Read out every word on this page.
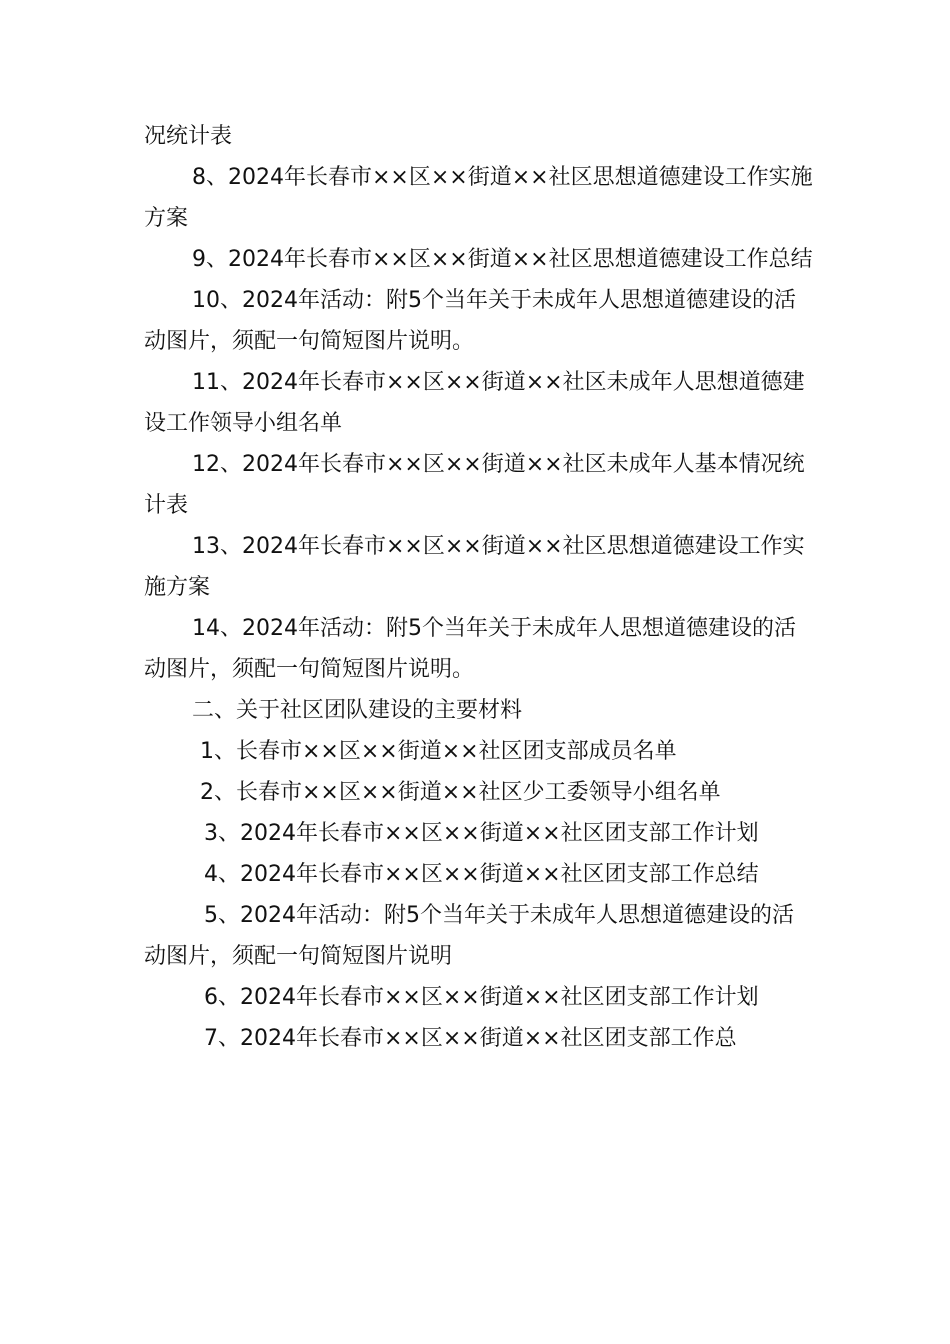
况统计表

8、2024年长春市××区××街道××社区思想道德建设工作实施方案

9、2024年长春市××区××街道××社区思想道德建设工作总结

10、2024年活动：附5个当年关于未成年人思想道德建设的活动图片，须配一句简短图片说明。

11、2024年长春市××区××街道××社区未成年人思想道德建设工作领导小组名单

12、2024年长春市××区××街道××社区未成年人基本情况统计表

13、2024年长春市××区××街道××社区思想道德建设工作实施方案

14、2024年活动：附5个当年关于未成年人思想道德建设的活动图片，须配一句简短图片说明。

二、关于社区团队建设的主要材料

1、长春市××区××街道××社区团支部成员名单

2、长春市××区××街道××社区少工委领导小组名单

3、2024年长春市××区××街道××社区团支部工作计划

4、2024年长春市××区××街道××社区团支部工作总结

5、2024年活动：附5个当年关于未成年人思想道德建设的活动图片，须配一句简短图片说明

6、2024年长春市××区××街道××社区团支部工作计划

7、2024年长春市××区××街道××社区团支部工作总
